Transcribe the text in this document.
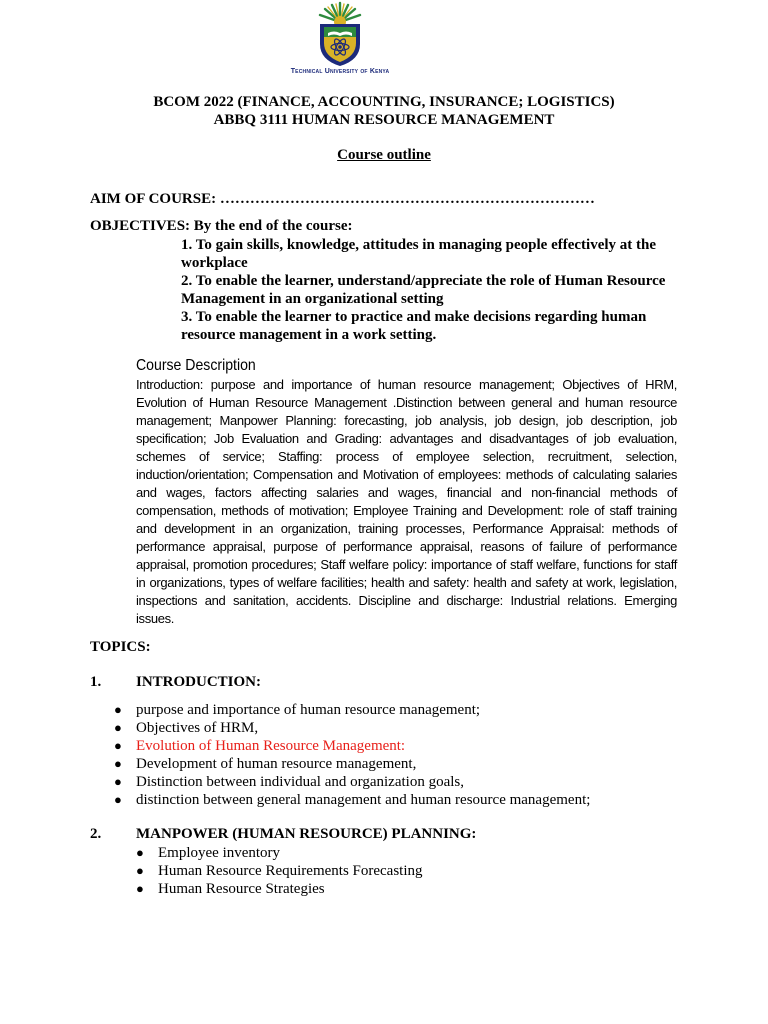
Technical University of Kenya
BCOM 2022 (FINANCE, ACCOUNTING, INSURANCE; LOGISTICS)
ABBQ 3111 HUMAN RESOURCE MANAGEMENT
Course outline
AIM OF COURSE: …………………………………………………………………
OBJECTIVES: By the end of the course:
1. To gain skills, knowledge, attitudes in managing people effectively at the workplace
2. To enable the learner, understand/appreciate the role of Human Resource Management in an organizational setting
3. To enable the learner to practice and make decisions regarding human resource management in a work setting.
Course Description
Introduction: purpose and importance of human resource management; Objectives of HRM, Evolution of Human Resource Management .Distinction between general and human resource management; Manpower Planning: forecasting, job analysis, job design, job description, job specification; Job Evaluation and Grading: advantages and disadvantages of job evaluation, schemes of service; Staffing: process of employee selection, recruitment, selection, induction/orientation; Compensation and Motivation of employees: methods of calculating salaries and wages, factors affecting salaries and wages, financial and non-financial methods of compensation, methods of motivation; Employee Training and Development: role of staff training and development in an organization, training processes, Performance Appraisal: methods of performance appraisal, purpose of performance appraisal, reasons of failure of performance appraisal, promotion procedures; Staff welfare policy: importance of staff welfare, functions for staff in organizations, types of welfare facilities; health and safety: health and safety at work, legislation, inspections and sanitation, accidents. Discipline and discharge: Industrial relations. Emerging issues.
TOPICS:
1. INTRODUCTION:
● purpose and importance of human resource management;
● Objectives of HRM,
● Evolution of Human Resource Management:
● Development of human resource management,
● Distinction between individual and organization goals,
● distinction between general management and human resource management;
2. MANPOWER (HUMAN RESOURCE) PLANNING:
● Employee inventory
● Human Resource Requirements Forecasting
● Human Resource Strategies
